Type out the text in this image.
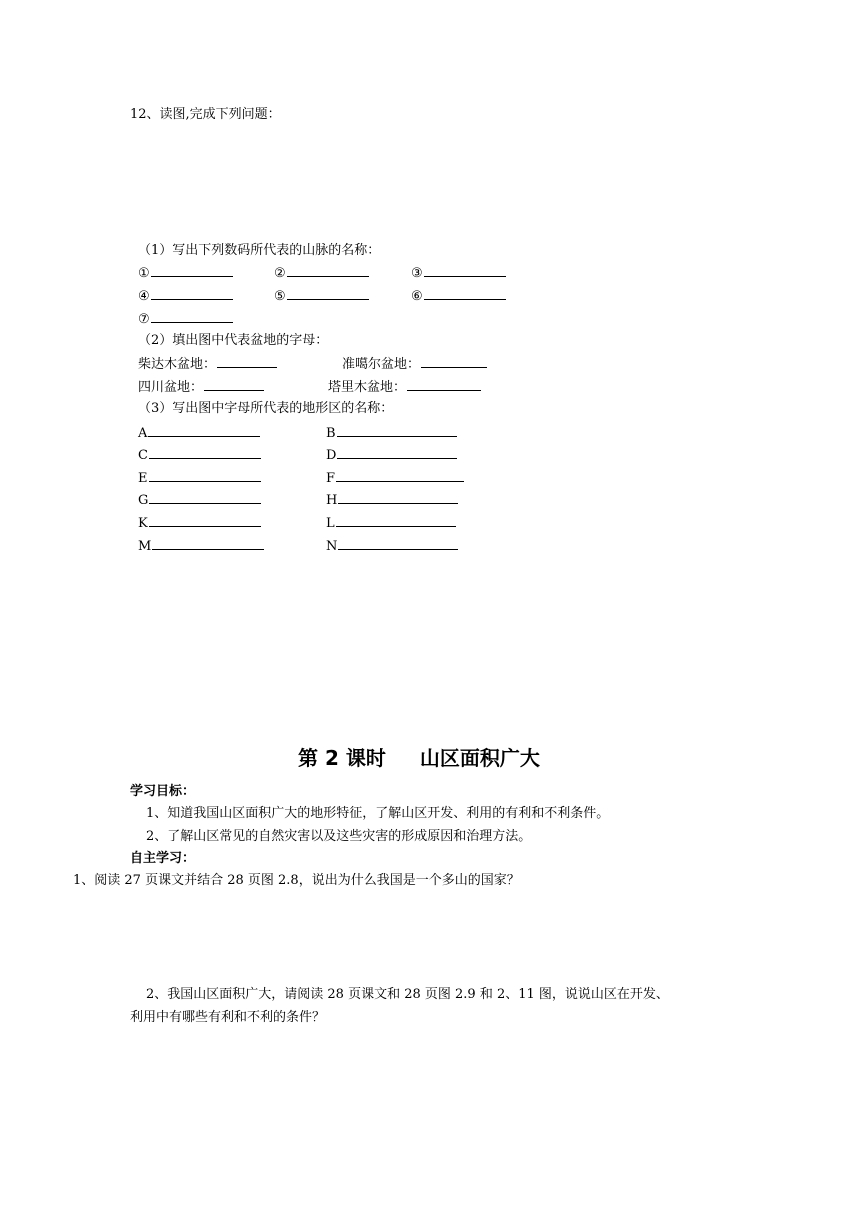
12、读图,完成下列问题：
（1）写出下列数码所代表的山脉的名称：
①	②	③
④	⑤	⑥
⑦
（2）填出图中代表盆地的字母：
柴达木盆地：	准噶尔盆地：
四川盆地：	塔里木盆地：
（3）写出图中字母所代表的地形区的名称：
A	B
C	D
E	F
G	H
K	L
M	N
第 2 课时 山区面积广大
学习目标：
1、知道我国山区面积广大的地形特征，了解山区开发、利用的有利和不利条件。
2、了解山区常见的自然灾害以及这些灾害的形成原因和治理方法。
自主学习：
1、阅读 27 页课文并结合 28 页图 2.8，说出为什么我国是一个多山的国家？
2、我国山区面积广大，请阅读 28 页课文和 28 页图 2.9 和 2、11 图，说说山区在开发、
利用中有哪些有利和不利的条件？
